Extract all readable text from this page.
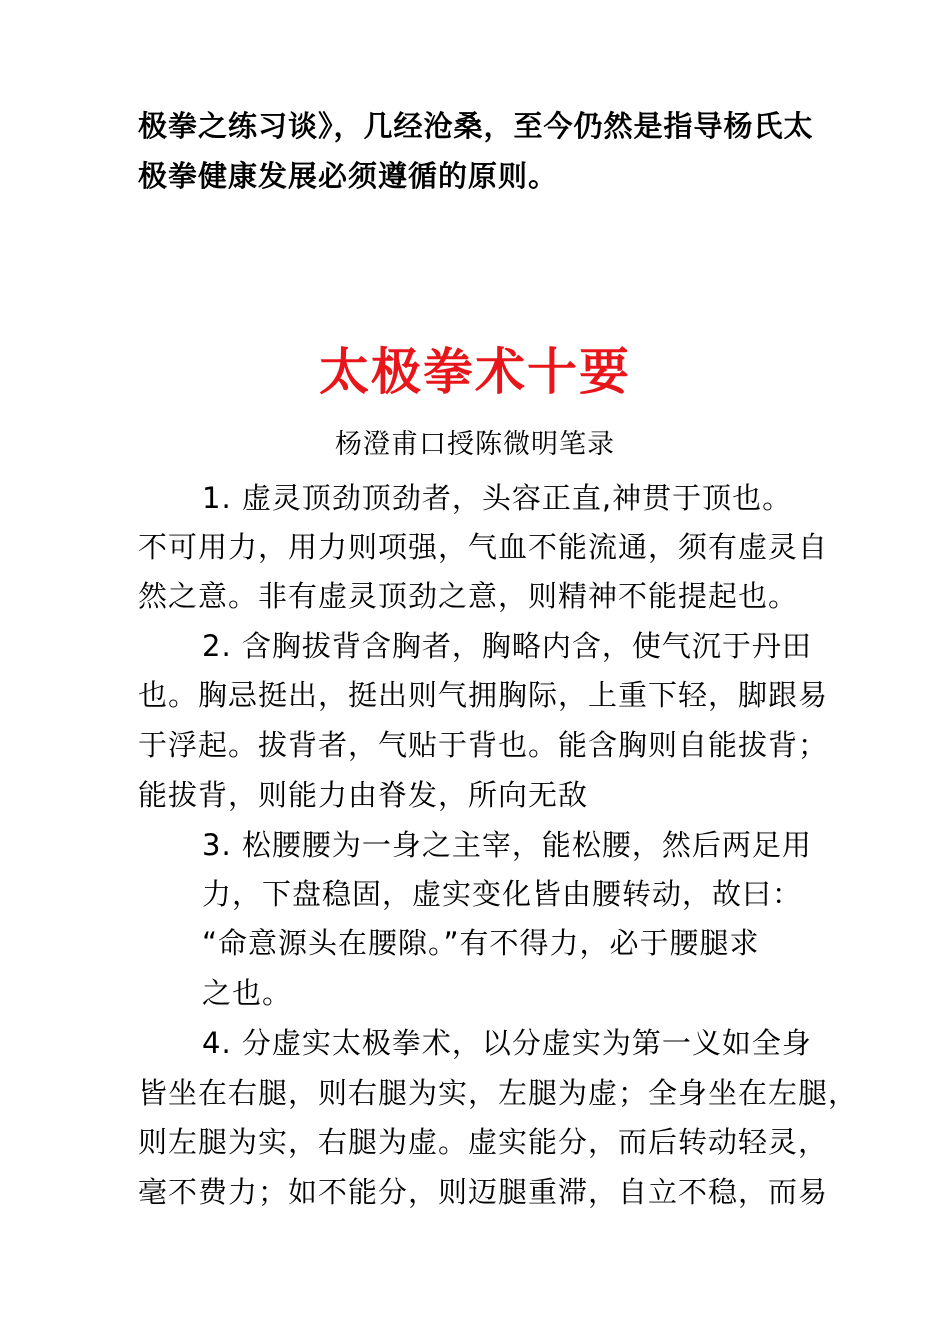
极拳之练习谈》，几经沧桑，至今仍然是指导杨氏太
极拳健康发展必须遵循的原则。
太极拳术十要
杨澄甫口授陈微明笔录
1. 虚灵顶劲顶劲者，头容正直,神贯于顶也。
不可用力，用力则项强，气血不能流通，须有虚灵自
然之意。非有虚灵顶劲之意，则精神不能提起也。
2. 含胸拔背含胸者，胸略内含，使气沉于丹田
也。胸忌挺出，挺出则气拥胸际，上重下轻，脚跟易
于浮起。拔背者，气贴于背也。能含胸则自能拔背；
能拔背，则能力由脊发，所向无敌
3. 松腰腰为一身之主宰，能松腰，然后两足用
力，下盘稳固，虚实变化皆由腰转动，故曰：
“命意源头在腰隙。”有不得力，必于腰腿求
之也。
4. 分虚实太极拳术，以分虚实为第一义如全身
皆坐在右腿，则右腿为实，左腿为虚；全身坐在左腿，
则左腿为实，右腿为虚。虚实能分，而后转动轻灵，
毫不费力；如不能分，则迈腿重滞，自立不稳，而易
